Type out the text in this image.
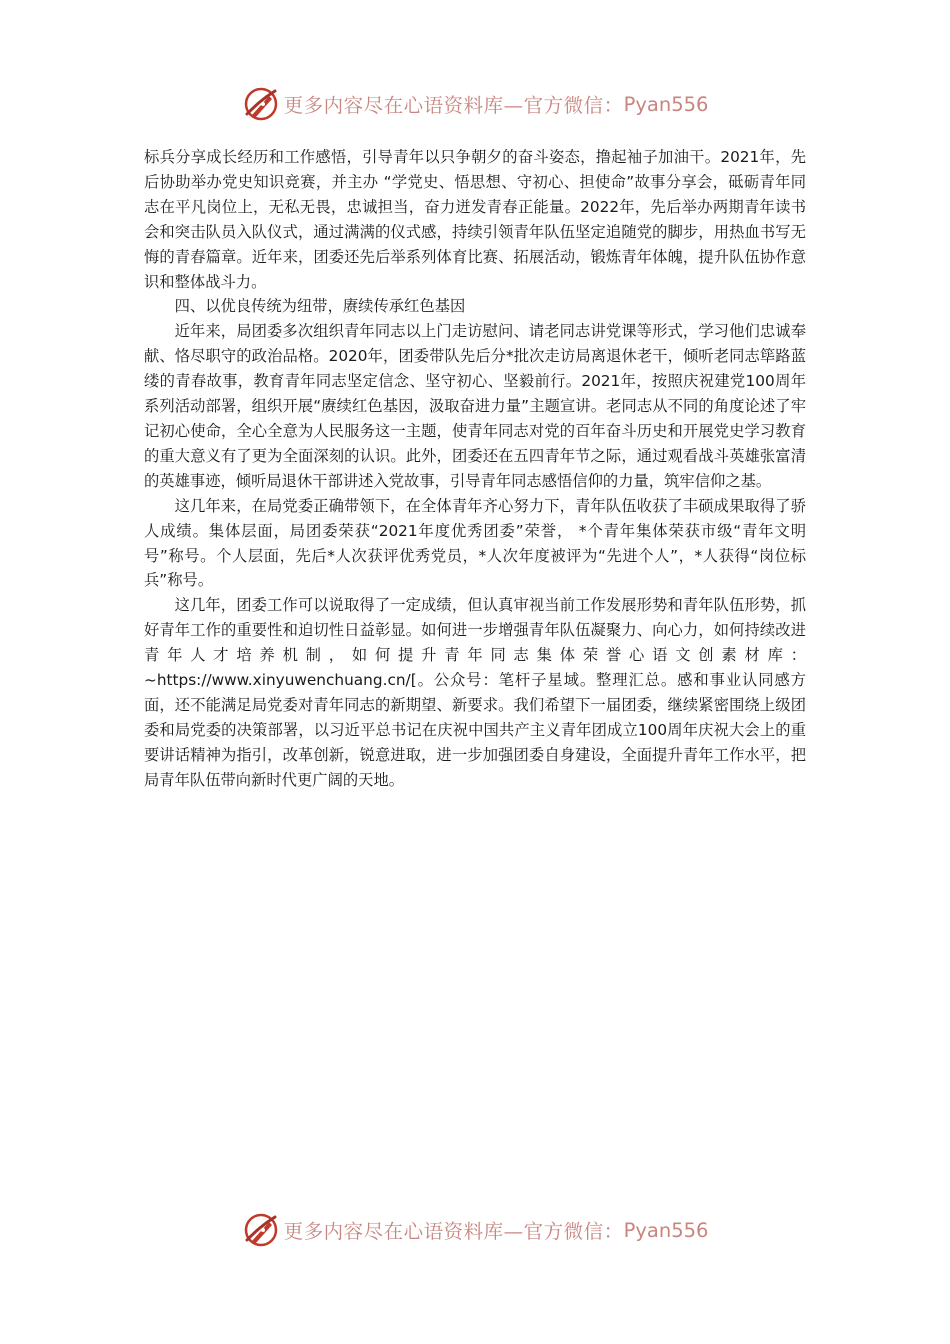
更多内容尽在心语资料库—官方微信： Pyan556

标兵分享成长经历和工作感悟，引导青年以只争朝夕的奋斗姿态，撸起袖子加油干。2021年，先后协助举办党史知识竞赛，并主办 “学党史、悟思想、守初心、担使命”故事分享会，砥砺青年同志在平凡岗位上，无私无畏，忠诚担当，奋力迸发青春正能量。2022年，先后举办两期青年读书会和突击队员入队仪式，通过满满的仪式感，持续引领青年队伍坚定追随党的脚步，用热血书写无悔的青春篇章。近年来，团委还先后举系列体育比赛、拓展活动，锻炼青年体魄，提升队伍协作意识和整体战斗力。

四、以优良传统为纽带，赓续传承红色基因

近年来，局团委多次组织青年同志以上门走访慰问、请老同志讲党课等形式，学习他们忠诚奉献、恪尽职守的政治品格。2020年，团委带队先后分*批次走访局离退休老干，倾听老同志筚路蓝缕的青春故事，教育青年同志坚定信念、坚守初心、坚毅前行。2021年，按照庆祝建党100周年系列活动部署，组织开展“赓续红色基因，汲取奋进力量”主题宣讲。老同志从不同的角度论述了牢记初心使命，全心全意为人民服务这一主题，使青年同志对党的百年奋斗历史和开展党史学习教育的重大意义有了更为全面深刻的认识。此外，团委还在五四青年节之际，通过观看战斗英雄张富清的英雄事迹，倾听局退休干部讲述入党故事，引导青年同志感悟信仰的力量，筑牢信仰之基。

这几年来，在局党委正确带领下，在全体青年齐心努力下，青年队伍收获了丰硕成果取得了骄人成绩。集体层面，局团委荣获“2021年度优秀团委”荣誉， *个青年集体荣获市级“青年文明号”称号。个人层面，先后*人次获评优秀党员，*人次年度被评为“先进个人”，*人获得“岗位标兵”称号。

这几年，团委工作可以说取得了一定成绩，但认真审视当前工作发展形势和青年队伍形势，抓好青年工作的重要性和迫切性日益彰显。如何进一步增强青年队伍凝聚力、向心力，如何持续改进青年人才培养机制，如何提升青年同志集体荣誉心语文创素材库：~https://www.xinyuwenchuang.cn/[。公众号：笔杆子星域。整理汇总。感和事业认同感方面，还不能满足局党委对青年同志的新期望、新要求。我们希望下一届团委，继续紧密围绕上级团委和局党委的决策部署，以习近平总书记在庆祝中国共产主义青年团成立100周年庆祝大会上的重要讲话精神为指引，改革创新，锐意进取，进一步加强团委自身建设，全面提升青年工作水平，把局青年队伍带向新时代更广阔的天地。

更多内容尽在心语资料库—官方微信： Pyan556
